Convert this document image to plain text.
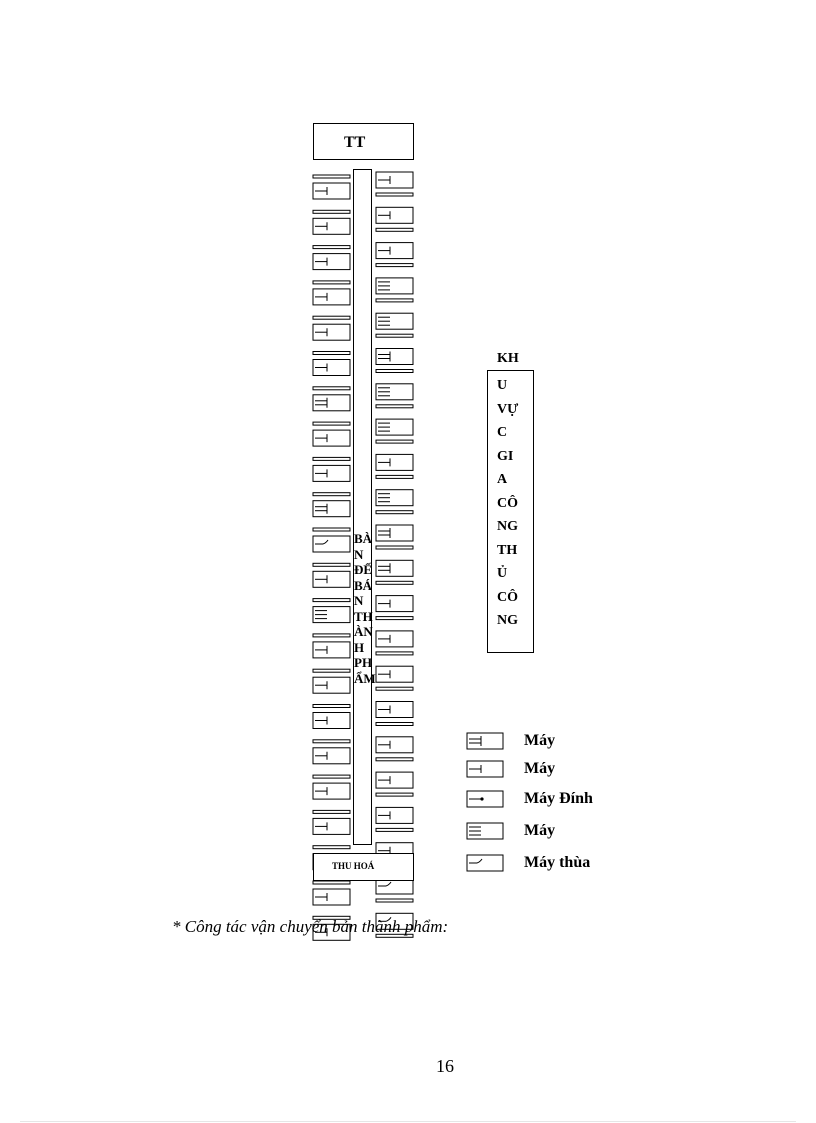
TT
BÀ
N
ĐẾ
BÁ
N
TH
ÀN
H
PH
ẨM
THU HOÁ
KH
U
VỰ
C
GI
A
CÔ
NG
TH
Ủ
CÔ
NG
Máy
Máy
Máy Đính
Máy
Máy thùa
* Công tác vận chuyển bản thành phẩm:
16
